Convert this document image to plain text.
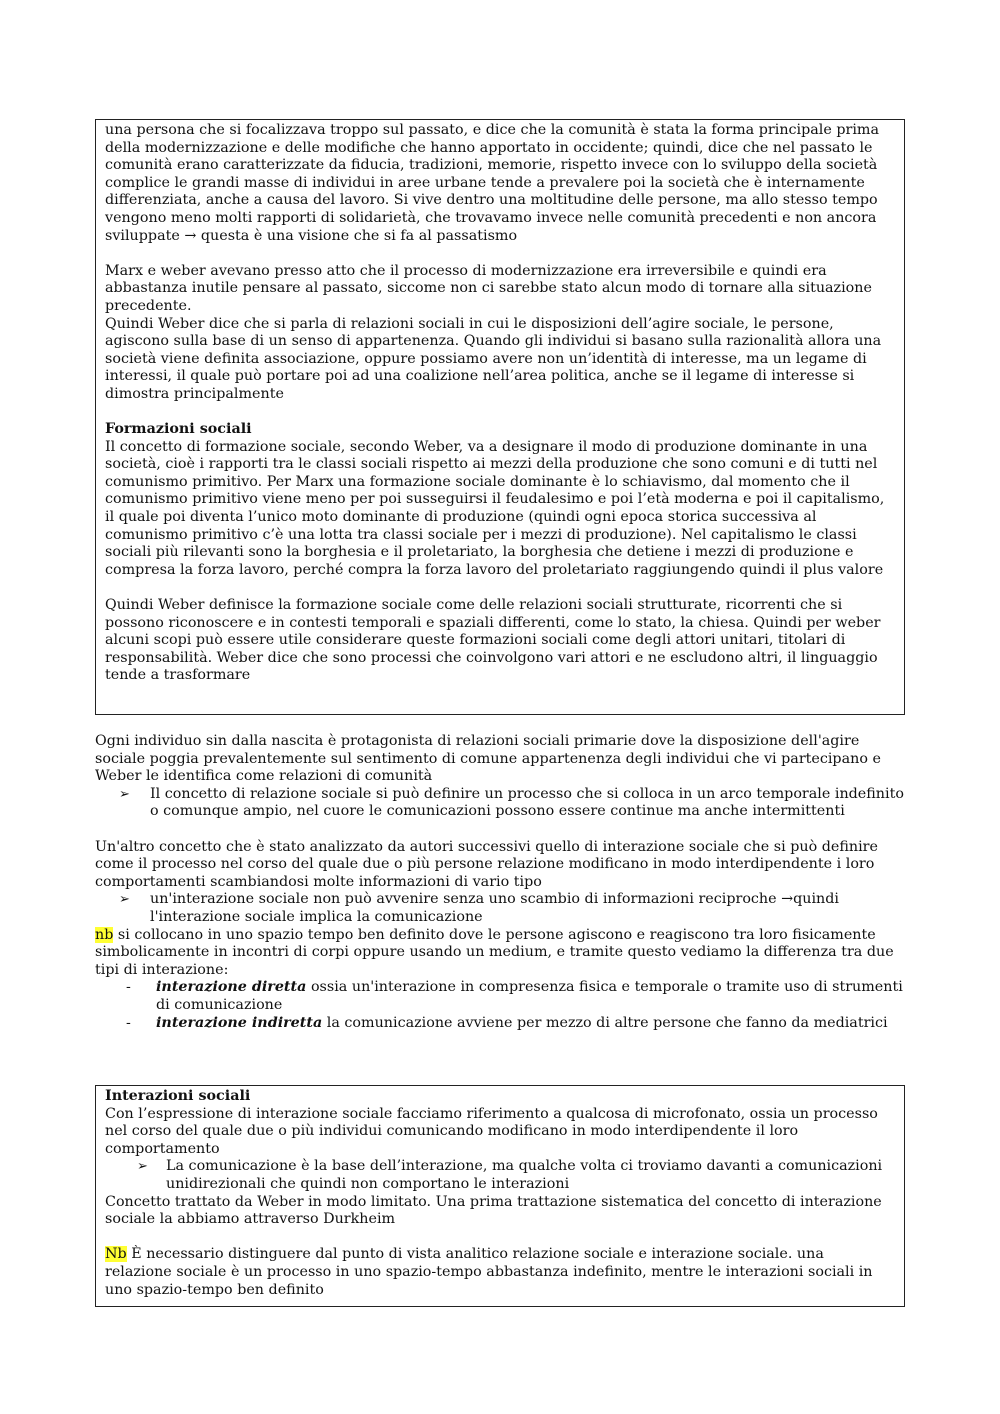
una persona che si focalizzava troppo sul passato, e dice che la comunità è stata la forma principale prima della modernizzazione e delle modifiche che hanno apportato in occidente; quindi, dice che nel passato le comunità erano caratterizzate da fiducia, tradizioni, memorie, rispetto invece con lo sviluppo della società complice le grandi masse di individui in aree urbane tende a prevalere poi la società che è internamente differenziata, anche a causa del lavoro. Si vive dentro una moltitudine delle persone, ma allo stesso tempo vengono meno molti rapporti di solidarietà, che trovavamo invece nelle comunità precedenti e non ancora sviluppate → questa è una visione che si fa al passatismo

Marx e weber avevano presso atto che il processo di modernizzazione era irreversibile e quindi era abbastanza inutile pensare al passato, siccome non ci sarebbe stato alcun modo di tornare alla situazione precedente.

Quindi Weber dice che si parla di relazioni sociali in cui le disposizioni dell’agire sociale, le persone, agiscono sulla base di un senso di appartenenza. Quando gli individui si basano sulla razionalità allora una società viene definita associazione, oppure possiamo avere non un’identità di interesse, ma un legame di interessi, il quale può portare poi ad una coalizione nell’area politica, anche se il legame di interesse si dimostra principalmente

Formazioni sociali

Il concetto di formazione sociale, secondo Weber, va a designare il modo di produzione dominante in una società, cioè i rapporti tra le classi sociali rispetto ai mezzi della produzione che sono comuni e di tutti nel comunismo primitivo. Per Marx una formazione sociale dominante è lo schiavismo, dal momento che il comunismo primitivo viene meno per poi susseguirsi il feudalesimo e poi l’età moderna e poi il capitalismo, il quale poi diventa l’unico moto dominante di produzione (quindi ogni epoca storica successiva al comunismo primitivo c’è una lotta tra classi sociale per i mezzi di produzione). Nel capitalismo le classi sociali più rilevanti sono la borghesia e il proletariato, la borghesia che detiene i mezzi di produzione e compresa la forza lavoro, perché compra la forza lavoro del proletariato raggiungendo quindi il plus valore

Quindi Weber definisce la formazione sociale come delle relazioni sociali strutturate, ricorrenti che si possono riconoscere e in contesti temporali e spaziali differenti, come lo stato, la chiesa. Quindi per weber alcuni scopi può essere utile considerare queste formazioni sociali come degli attori unitari, titolari di responsabilità. Weber dice che sono processi che coinvolgono vari attori e ne escludono altri, il linguaggio tende a trasformare

Ogni individuo sin dalla nascita è protagonista di relazioni sociali primarie dove la disposizione dell'agire sociale poggia prevalentemente sul sentimento di comune appartenenza degli individui che vi partecipano e Weber le identifica come relazioni di comunità

➢ Il concetto di relazione sociale si può definire un processo che si colloca in un arco temporale indefinito o comunque ampio, nel cuore le comunicazioni possono essere continue ma anche intermittenti

Un'altro concetto che è stato analizzato da autori successivi quello di interazione sociale che si può definire come il processo nel corso del quale due o più persone relazione modificano in modo interdipendente i loro comportamenti scambiandosi molte informazioni di vario tipo

➢ un'interazione sociale non può avvenire senza uno scambio di informazioni reciproche →quindi l'interazione sociale implica la comunicazione

nb si collocano in uno spazio tempo ben definito dove le persone agiscono e reagiscono tra loro fisicamente simbolicamente in incontri di corpi oppure usando un medium, e tramite questo vediamo la differenza tra due tipi di interazione:

- interazione diretta ossia un'interazione in compresenza fisica e temporale o tramite uso di strumenti di comunicazione
- interazione indiretta la comunicazione avviene per mezzo di altre persone che fanno da mediatrici

Interazioni sociali

Con l’espressione di interazione sociale facciamo riferimento a qualcosa di microfonato, ossia un processo nel corso del quale due o più individui comunicando modificano in modo interdipendente il loro comportamento

➢ La comunicazione è la base dell’interazione, ma qualche volta ci troviamo davanti a comunicazioni unidirezionali che quindi non comportano le interazioni

Concetto trattato da Weber in modo limitato. Una prima trattazione sistematica del concetto di interazione sociale la abbiamo attraverso Durkheim

Nb È necessario distinguere dal punto di vista analitico relazione sociale e interazione sociale. una relazione sociale è un processo in uno spazio-tempo abbastanza indefinito, mentre le interazioni sociali in uno spazio-tempo ben definito
